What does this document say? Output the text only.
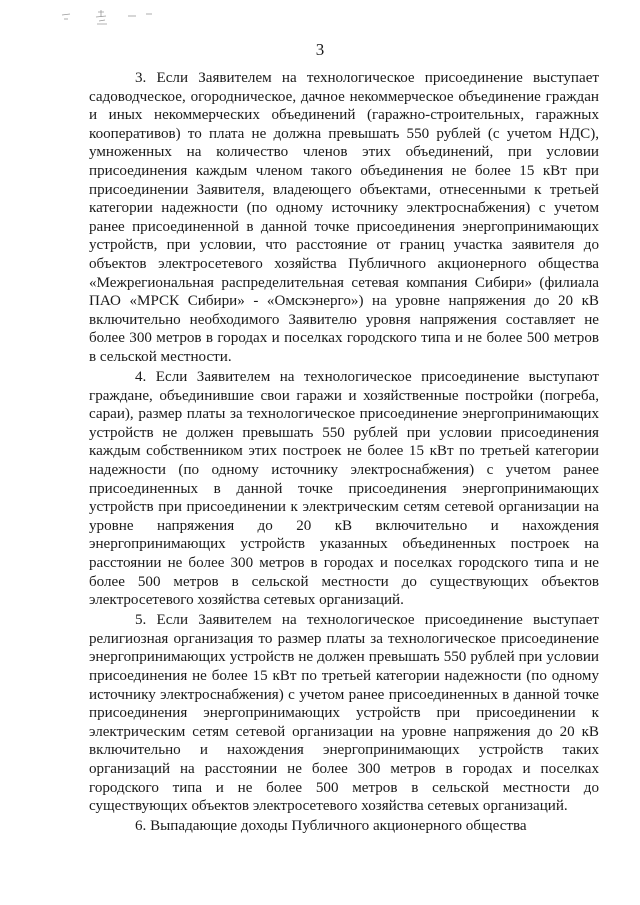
3

3. Если Заявителем на технологическое присоединение выступает садоводческое, огородническое, дачное некоммерческое объединение граждан и иных некоммерческих объединений (гаражно-строительных, гаражных кооперативов) то плата не должна превышать 550 рублей (с учетом НДС), умноженных на количество членов этих объединений, при условии присоединения каждым членом такого объединения не более 15 кВт при присоединении Заявителя, владеющего объектами, отнесенными к третьей категории надежности (по одному источнику электроснабжения) с учетом ранее присоединенной в данной точке присоединения энергопринимающих устройств, при условии, что расстояние от границ участка заявителя до объектов электросетевого хозяйства Публичного акционерного общества «Межрегиональная распределительная сетевая компания Сибири» (филиала ПАО «МРСК Сибири» - «Омскэнерго») на уровне напряжения до 20 кВ включительно необходимого Заявителю уровня напряжения составляет не более 300 метров в городах и поселках городского типа и не более 500 метров в сельской местности.

4. Если Заявителем на технологическое присоединение выступают граждане, объединившие свои гаражи и хозяйственные постройки (погреба, сараи), размер платы за технологическое присоединение энергопринимающих устройств не должен превышать 550 рублей при условии присоединения каждым собственником этих построек не более 15 кВт по третьей категории надежности (по одному источнику электроснабжения) с учетом ранее присоединенных в данной точке присоединения энергопринимающих устройств при присоединении к электрическим сетям сетевой организации на уровне напряжения до 20 кВ включительно и нахождения энергопринимающих устройств указанных объединенных построек на расстоянии не более 300 метров в городах и поселках городского типа и не более 500 метров в сельской местности до существующих объектов электросетевого хозяйства сетевых организаций.

5. Если Заявителем на технологическое присоединение выступает религиозная организация то размер платы за технологическое присоединение энергопринимающих устройств не должен превышать 550 рублей при условии присоединения не более 15 кВт по третьей категории надежности (по одному источнику электроснабжения) с учетом ранее присоединенных в данной точке присоединения энергопринимающих устройств при присоединении к электрическим сетям сетевой организации на уровне напряжения до 20 кВ включительно и нахождения энергопринимающих устройств таких организаций на расстоянии не более 300 метров в городах и поселках городского типа и не более 500 метров в сельской местности до существующих объектов электросетевого хозяйства сетевых организаций.

6. Выпадающие доходы Публичного акционерного общества
